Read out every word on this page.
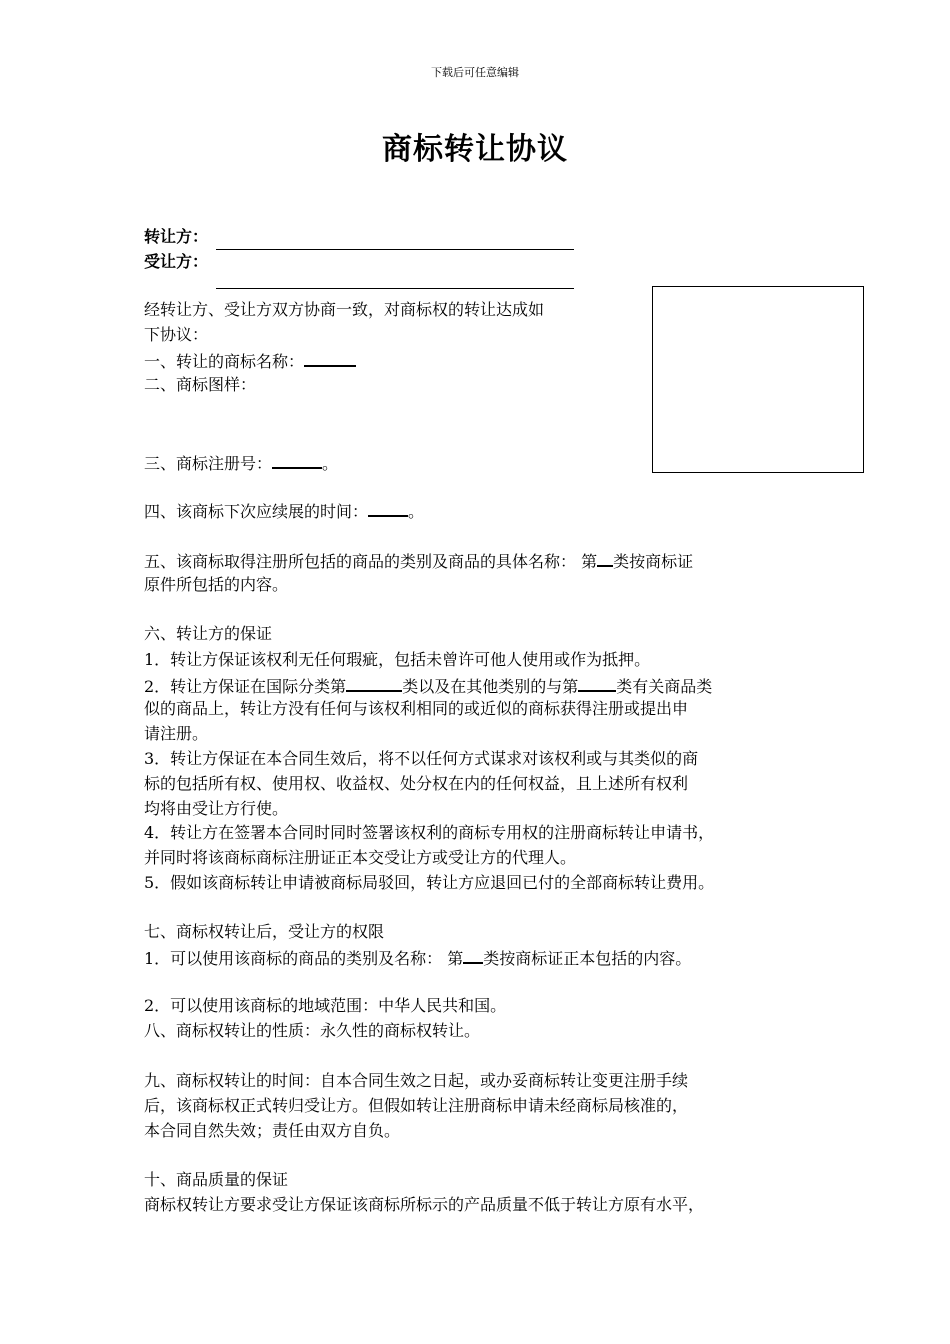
下载后可任意编辑
商标转让协议
转让方：
受让方：
经转让方、受让方双方协商一致，对商标权的转让达成如
下协议：
一、转让的商标名称：
二、商标图样：
三、商标注册号：	。
四、该商标下次应续展的时间：	。
五、该商标取得注册所包括的商品的类别及商品的具体名称： 第 类按商标证
原件所包括的内容。
六、转让方的保证
1．转让方保证该权利无任何瑕疵，包括未曾许可他人使用或作为抵押。
2．转让方保证在国际分类第	类以及在其他类别的与第 类有关商品类
似的商品上，转让方没有任何与该权利相同的或近似的商标获得注册或提出申
请注册。
3．转让方保证在本合同生效后，将不以任何方式谋求对该权利或与其类似的商
标的包括所有权、使用权、收益权、处分权在内的任何权益，且上述所有权利
均将由受让方行使。
4．转让方在签署本合同时同时签署该权利的商标专用权的注册商标转让申请书，
并同时将该商标商标注册证正本交受让方或受让方的代理人。
5．假如该商标转让申请被商标局驳回，转让方应退回已付的全部商标转让费用。
七、商标权转让后，受让方的权限
1．可以使用该商标的商品的类别及名称： 第 类按商标证正本包括的内容。
2．可以使用该商标的地域范围：中华人民共和国。
八、商标权转让的性质：永久性的商标权转让。
九、商标权转让的时间：自本合同生效之日起，或办妥商标转让变更注册手续
后，该商标权正式转归受让方。但假如转让注册商标申请未经商标局核准的，
本合同自然失效；责任由双方自负。
十、商品质量的保证
商标权转让方要求受让方保证该商标所标示的产品质量不低于转让方原有水平，
